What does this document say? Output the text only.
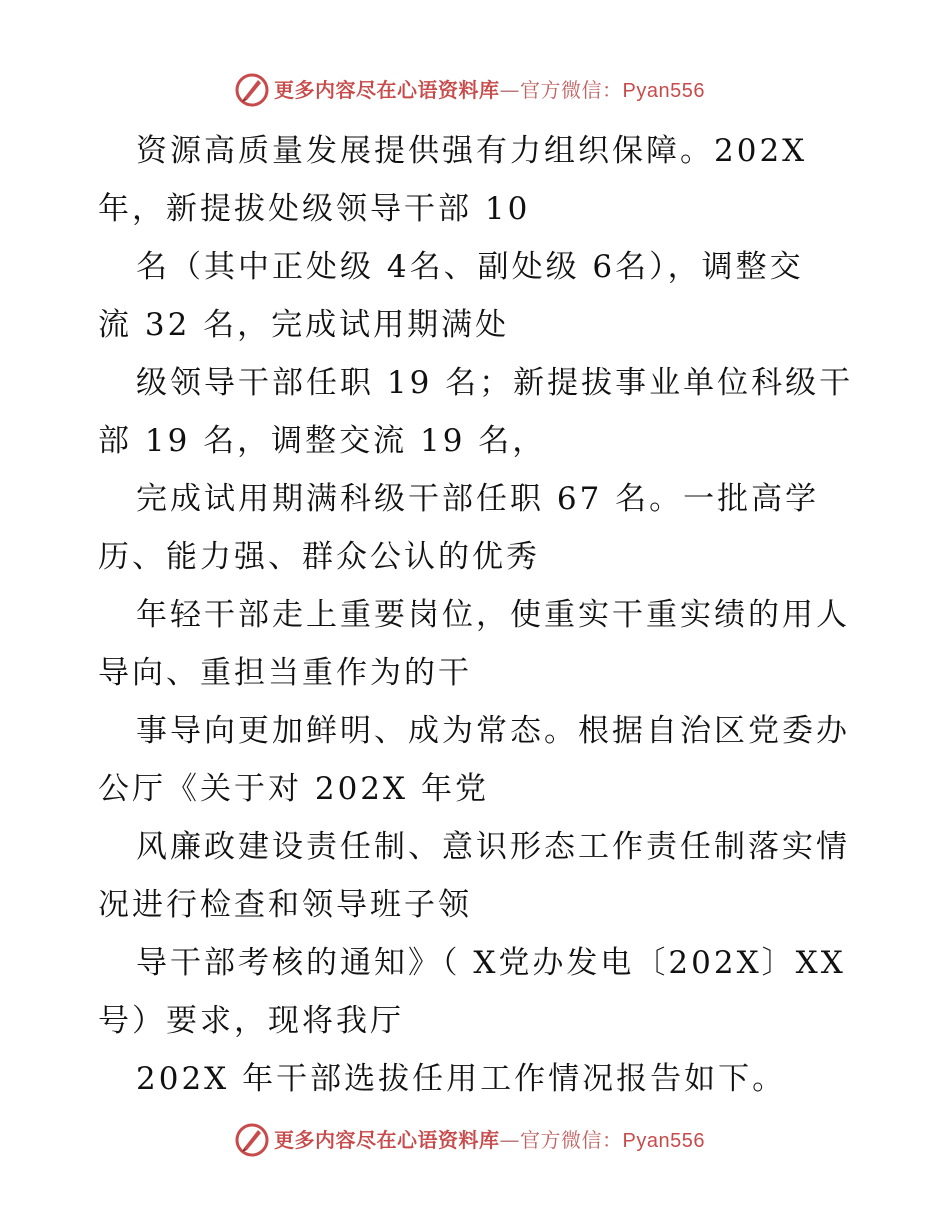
更多内容尽在心语资料库—官方微信：Pyan556
资源高质量发展提供强有力组织保障。202X
年，新提拔处级领导干部 10
名（其中正处级 4名、副处级 6名），调整交
流 32 名，完成试用期满处
级领导干部任职 19 名；新提拔事业单位科级干
部 19 名，调整交流 19 名，
完成试用期满科级干部任职 67 名。一批高学
历、能力强、群众公认的优秀
年轻干部走上重要岗位，使重实干重实绩的用人
导向、重担当重作为的干
事导向更加鲜明、成为常态。根据自治区党委办
公厅《关于对 202X 年党
风廉政建设责任制、意识形态工作责任制落实情
况进行检查和领导班子领
导干部考核的通知》（ X党办发电〔202X〕XX
号）要求，现将我厅
202X 年干部选拔任用工作情况报告如下。
更多内容尽在心语资料库—官方微信：Pyan556
